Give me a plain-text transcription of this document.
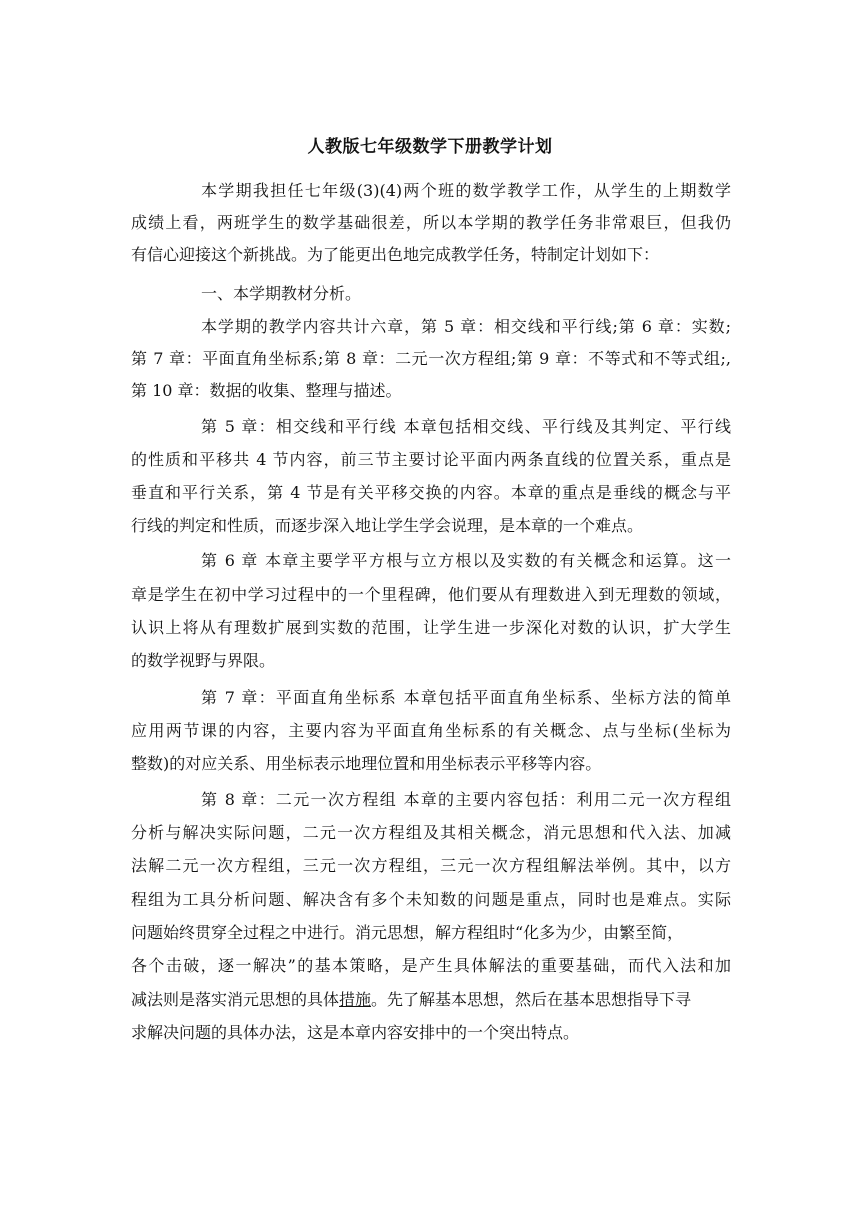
人教版七年级数学下册教学计划
本学期我担任七年级(3)(4)两个班的数学教学工作，从学生的上期数学
成绩上看，两班学生的数学基础很差，所以本学期的教学任务非常艰巨，但我仍
有信心迎接这个新挑战。为了能更出色地完成教学任务，特制定计划如下：
一、本学期教材分析。
本学期的教学内容共计六章，第 5 章：相交线和平行线;第 6 章：实数;
第 7 章：平面直角坐标系;第 8 章：二元一次方程组;第 9 章：不等式和不等式组;,
第 10 章：数据的收集、整理与描述。
第 5 章：相交线和平行线 本章包括相交线、平行线及其判定、平行线
的性质和平移共 4 节内容，前三节主要讨论平面内两条直线的位置关系，重点是
垂直和平行关系，第 4 节是有关平移交换的内容。本章的重点是垂线的概念与平
行线的判定和性质，而逐步深入地让学生学会说理，是本章的一个难点。
第 6 章 本章主要学平方根与立方根以及实数的有关概念和运算。这一
章是学生在初中学习过程中的一个里程碑，他们要从有理数进入到无理数的领域，
认识上将从有理数扩展到实数的范围，让学生进一步深化对数的认识，扩大学生
的数学视野与界限。
第 7 章：平面直角坐标系 本章包括平面直角坐标系、坐标方法的简单
应用两节课的内容，主要内容为平面直角坐标系的有关概念、点与坐标(坐标为
整数)的对应关系、用坐标表示地理位置和用坐标表示平移等内容。
第 8 章：二元一次方程组 本章的主要内容包括：利用二元一次方程组
分析与解决实际问题，二元一次方程组及其相关概念，消元思想和代入法、加减
法解二元一次方程组，三元一次方程组，三元一次方程组解法举例。其中，以方
程组为工具分析问题、解决含有多个未知数的问题是重点，同时也是难点。实际
问题始终贯穿全过程之中进行。消元思想，解方程组时“化多为少，由繁至简，
各个击破，逐一解决”的基本策略，是产生具体解法的重要基础，而代入法和加
减法则是落实消元思想的具体措施。先了解基本思想，然后在基本思想指导下寻
求解决问题的具体办法，这是本章内容安排中的一个突出特点。
